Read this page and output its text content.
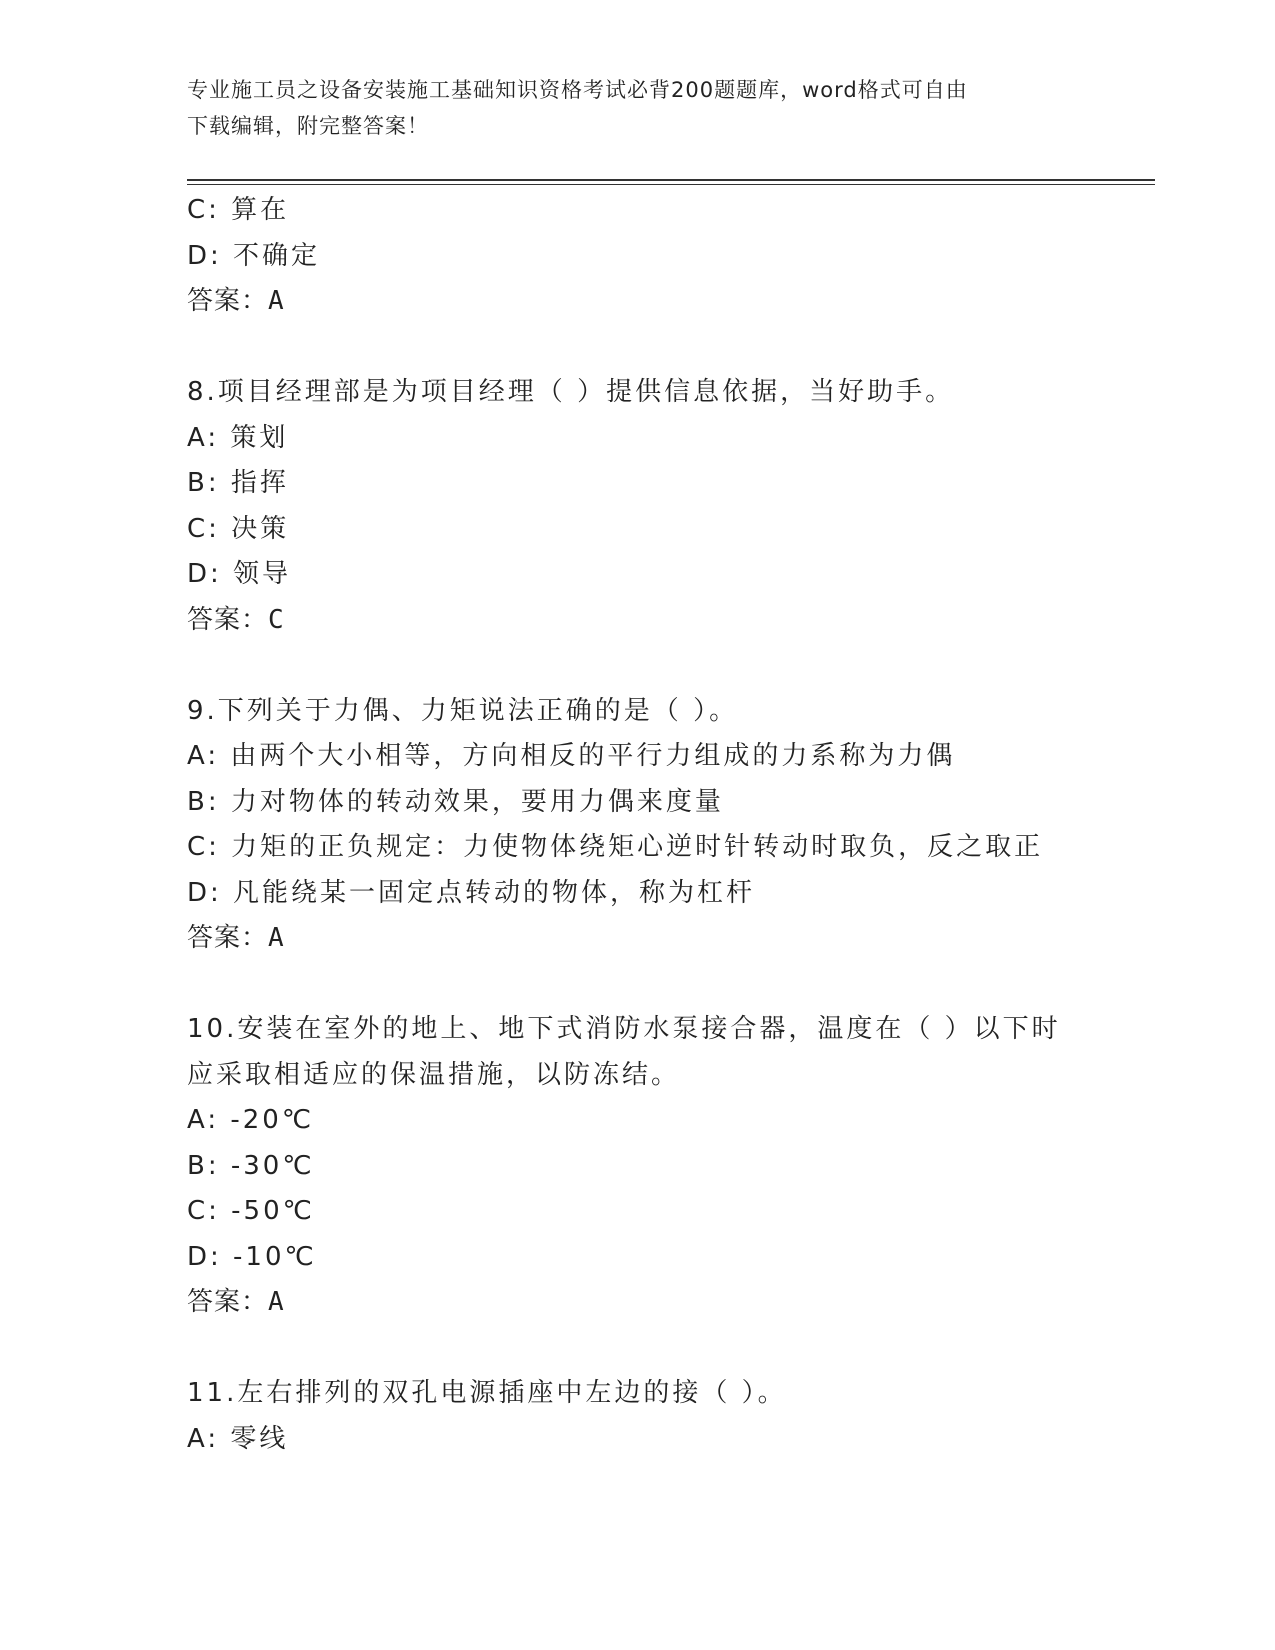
专业施工员之设备安装施工基础知识资格考试必背200题题库，word格式可自由
下载编辑，附完整答案！
C: 算在
D: 不确定
答案：A
8.项目经理部是为项目经理（ ）提供信息依据，当好助手。
A: 策划
B: 指挥
C: 决策
D: 领导
答案：C
9.下列关于力偶、力矩说法正确的是（ ）。
A: 由两个大小相等，方向相反的平行力组成的力系称为力偶
B: 力对物体的转动效果，要用力偶来度量
C: 力矩的正负规定：力使物体绕矩心逆时针转动时取负，反之取正
D: 凡能绕某一固定点转动的物体，称为杠杆
答案：A
10.安装在室外的地上、地下式消防水泵接合器，温度在（ ）以下时
应采取相适应的保温措施，以防冻结。
A: -20℃
B: -30℃
C: -50℃
D: -10℃
答案：A
11.左右排列的双孔电源插座中左边的接（ ）。
A: 零线
